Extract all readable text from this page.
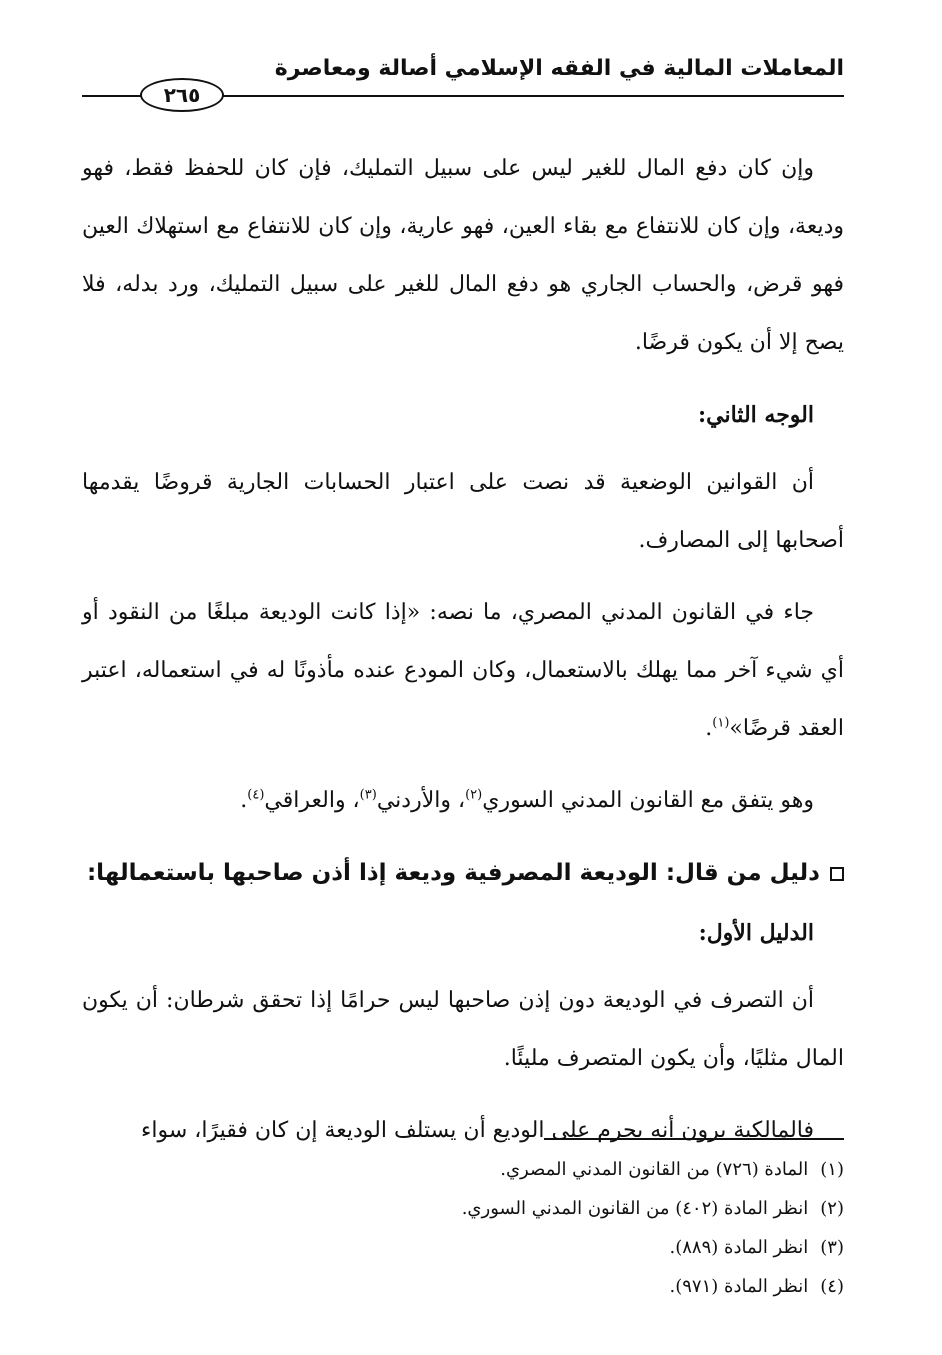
المعاملات المالية في الفقه الإسلامي أصالة ومعاصرة
٢٦٥

وإن كان دفع المال للغير ليس على سبيل التمليك، فإن كان للحفظ فقط، فهو وديعة، وإن كان للانتفاع مع بقاء العين، فهو عارية، وإن كان للانتفاع مع استهلاك العين فهو قرض، والحساب الجاري هو دفع المال للغير على سبيل التمليك، ورد بدله، فلا يصح إلا أن يكون قرضًا.

الوجه الثاني:

أن القوانين الوضعية قد نصت على اعتبار الحسابات الجارية قروضًا يقدمها أصحابها إلى المصارف.

جاء في القانون المدني المصري، ما نصه: «إذا كانت الوديعة مبلغًا من النقود أو أي شيء آخر مما يهلك بالاستعمال، وكان المودع عنده مأذونًا له في استعماله، اعتبر العقد قرضًا»$^{(١)}$.

وهو يتفق مع القانون المدني السوري$^{(٢)}$، والأردني$^{(٣)}$، والعراقي$^{(٤)}$.

دليل من قال: الوديعة المصرفية وديعة إذا أذن صاحبها باستعمالها:

الدليل الأول:

أن التصرف في الوديعة دون إذن صاحبها ليس حرامًا إذا تحقق شرطان: أن يكون المال مثليًا، وأن يكون المتصرف مليئًا.

فالمالكية يرون أنه يحرم على الوديع أن يستلف الوديعة إن كان فقيرًا، سواء

(١)المادة (٧٢٦) من القانون المدني المصري.

(٢)انظر المادة (٤٠٢) من القانون المدني السوري.

(٣)انظر المادة (٨٨٩).

(٤)انظر المادة (٩٧١).
